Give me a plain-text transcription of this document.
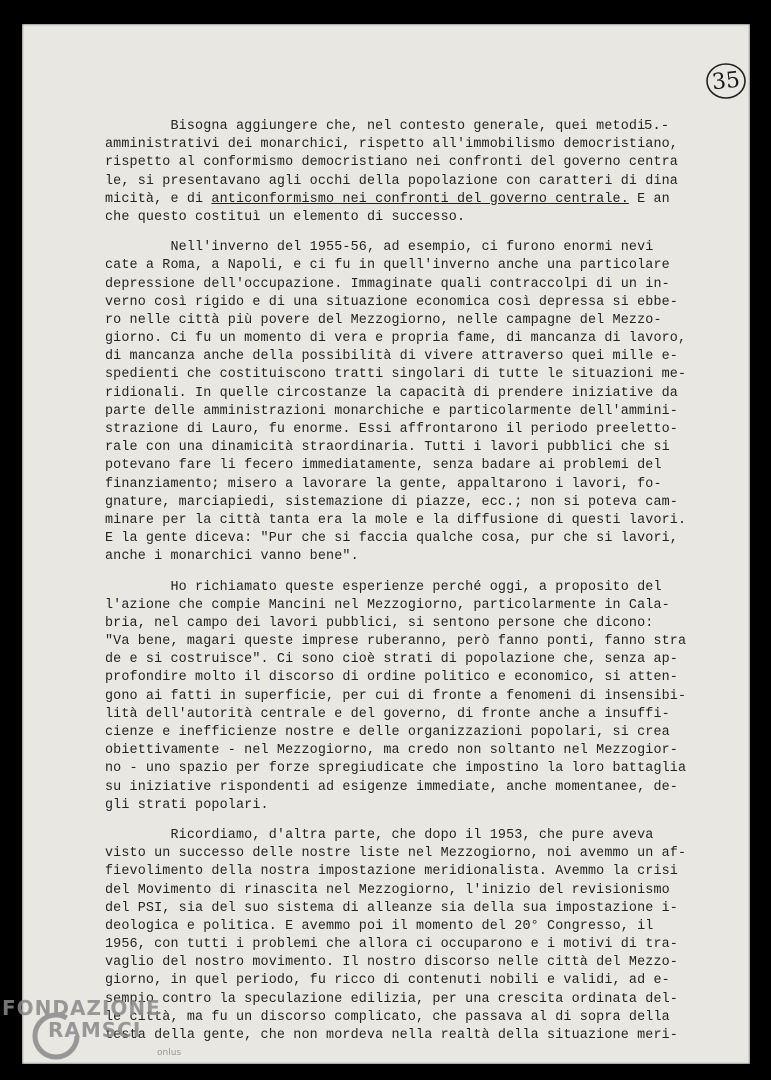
35
5.-
Bisogna aggiungere che, nel contesto generale, quei metodi
amministrativi dei monarchici, rispetto all'immobilismo democristiano,
rispetto al conformismo democristiano nei confronti del governo centra
le, si presentavano agli occhi della popolazione con caratteri di dina
micità, e di anticonformismo nei confronti del governo centrale. E an
che questo costituì un elemento di successo.
Nell'inverno del 1955-56, ad esempio, ci furono enormi nevi
cate a Roma, a Napoli, e ci fu in quell'inverno anche una particolare
depressione dell'occupazione. Immaginate quali contraccolpi di un in-
verno così rigido e di una situazione economica così depressa si ebbe-
ro nelle città più povere del Mezzogiorno, nelle campagne del Mezzo-
giorno. Ci fu un momento di vera e propria fame, di mancanza di lavoro,
di mancanza anche della possibilità di vivere attraverso quei mille e-
spedienti che costituiscono tratti singolari di tutte le situazioni me-
ridionali. In quelle circostanze la capacità di prendere iniziative da
parte delle amministrazioni monarchiche e particolarmente dell'ammini-
strazione di Lauro, fu enorme. Essi affrontarono il periodo preeletto-
rale con una dinamicità straordinaria. Tutti i lavori pubblici che si
potevano fare li fecero immediatamente, senza badare ai problemi del
finanziamento; misero a lavorare la gente, appaltarono i lavori, fo-
gnature, marciapiedi, sistemazione di piazze, ecc.; non si poteva cam-
minare per la città tanta era la mole e la diffusione di questi lavori.
E la gente diceva: "Pur che si faccia qualche cosa, pur che si lavori,
anche i monarchici vanno bene".
Ho richiamato queste esperienze perché oggi, a proposito del
l'azione che compie Mancini nel Mezzogiorno, particolarmente in Cala-
bria, nel campo dei lavori pubblici, si sentono persone che dicono:
"Va bene, magari queste imprese ruberanno, però fanno ponti, fanno stra
de e si costruisce". Ci sono cioè strati di popolazione che, senza ap-
profondire molto il discorso di ordine politico e economico, si atten-
gono ai fatti in superficie, per cui di fronte a fenomeni di insensibi-
lità dell'autorità centrale e del governo, di fronte anche a insuffi-
cienze e inefficienze nostre e delle organizzazioni popolari, si crea
obiettivamente - nel Mezzogiorno, ma credo non soltanto nel Mezzogior-
no - uno spazio per forze spregiudicate che impostino la loro battaglia
su iniziative rispondenti ad esigenze immediate, anche momentanee, de-
gli strati popolari.
Ricordiamo, d'altra parte, che dopo il 1953, che pure aveva
visto un successo delle nostre liste nel Mezzogiorno, noi avemmo un af-
fievolimento della nostra impostazione meridionalista. Avemmo la crisi
del Movimento di rinascita nel Mezzogiorno, l'inizio del revisionismo
del PSI, sia del suo sistema di alleanze sia della sua impostazione i-
deologica e politica. E avemmo poi il momento del 20° Congresso, il
1956, con tutti i problemi che allora ci occuparono e i motivi di tra-
vaglio del nostro movimento. Il nostro discorso nelle città del Mezzo-
giorno, in quel periodo, fu ricco di contenuti nobili e validi, ad e-
sempio contro la speculazione edilizia, per una crescita ordinata del-
le città, ma fu un discorso complicato, che passava al di sopra della
testa della gente, che non mordeva nella realtà della situazione meri-
FONDAZIONE
RAMSCI
onlus
